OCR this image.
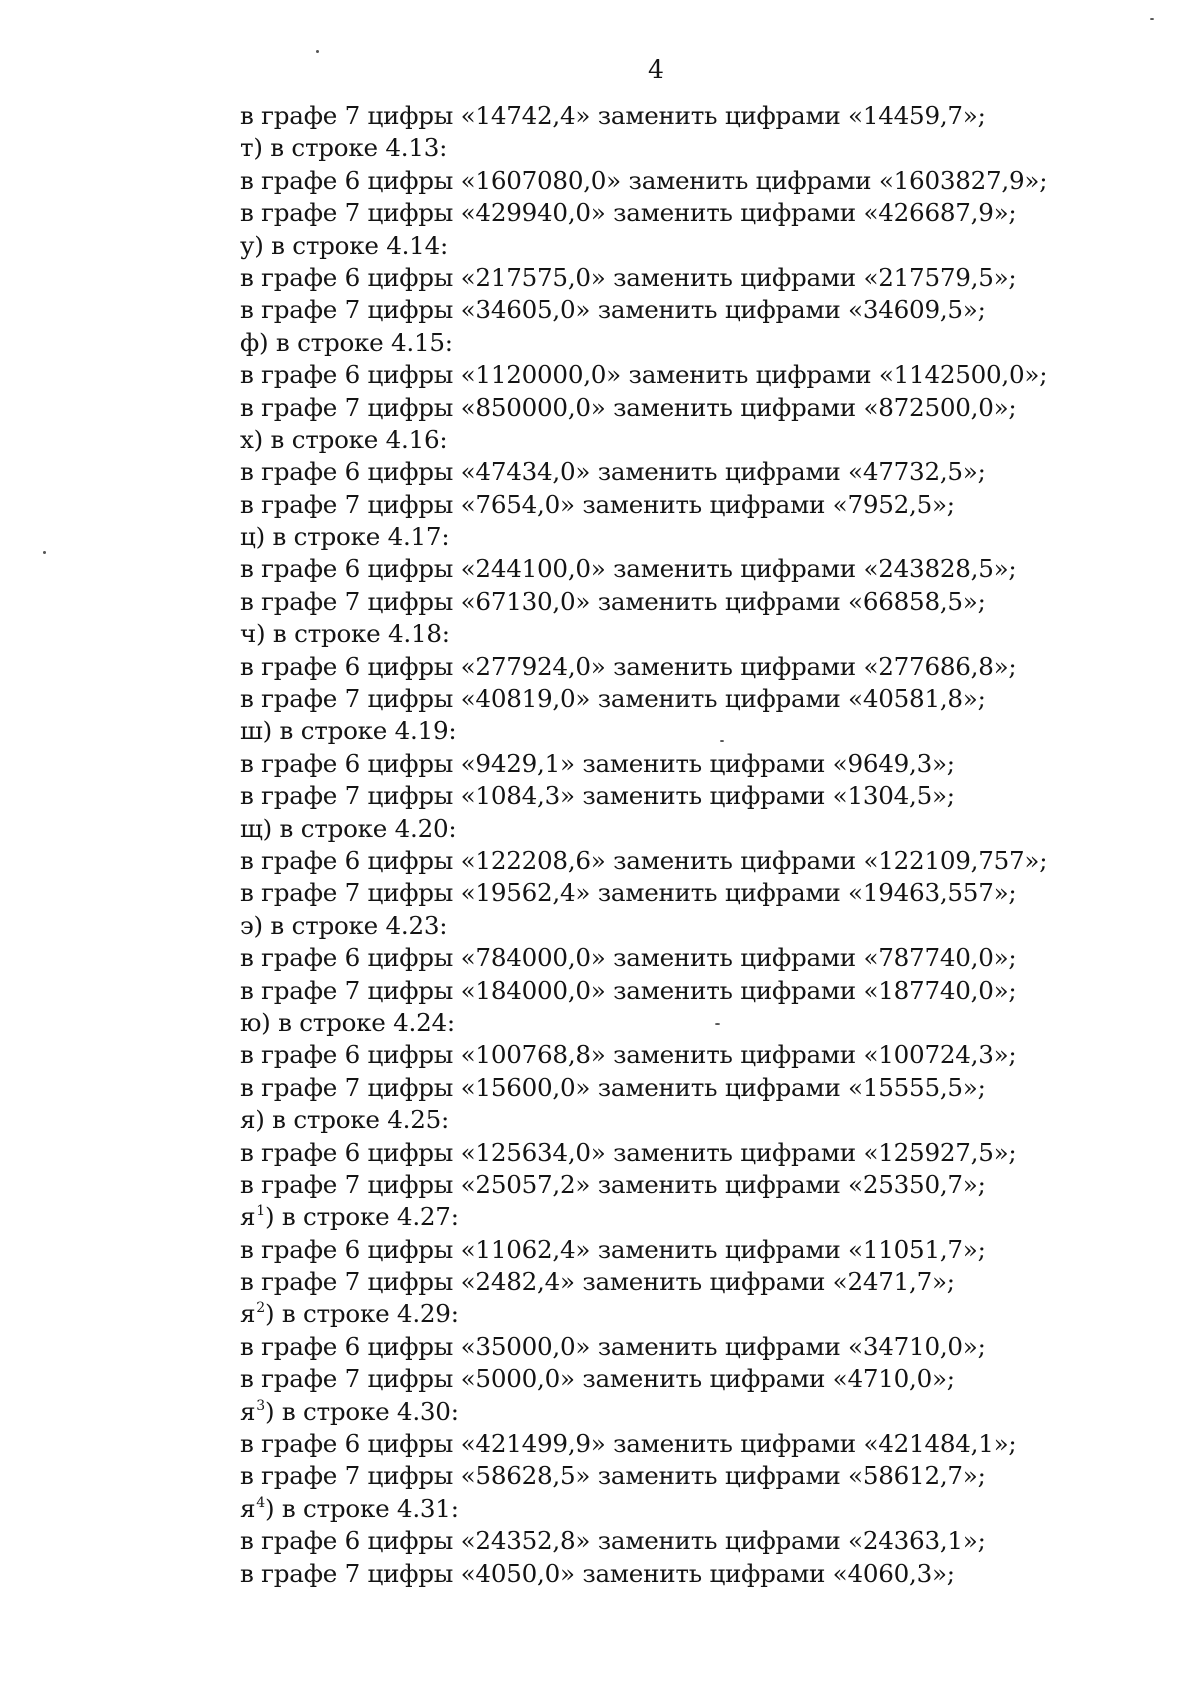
4
в графе 7 цифры «14742,4» заменить цифрами «14459,7»;
т) в строке 4.13:
в графе 6 цифры «1607080,0» заменить цифрами «1603827,9»;
в графе 7 цифры «429940,0» заменить цифрами «426687,9»;
у) в строке 4.14:
в графе 6 цифры «217575,0» заменить цифрами «217579,5»;
в графе 7 цифры «34605,0» заменить цифрами «34609,5»;
ф) в строке 4.15:
в графе 6 цифры «1120000,0» заменить цифрами «1142500,0»;
в графе 7 цифры «850000,0» заменить цифрами «872500,0»;
х) в строке 4.16:
в графе 6 цифры «47434,0» заменить цифрами «47732,5»;
в графе 7 цифры «7654,0» заменить цифрами «7952,5»;
ц) в строке 4.17:
в графе 6 цифры «244100,0» заменить цифрами «243828,5»;
в графе 7 цифры «67130,0» заменить цифрами «66858,5»;
ч) в строке 4.18:
в графе 6 цифры «277924,0» заменить цифрами «277686,8»;
в графе 7 цифры «40819,0» заменить цифрами «40581,8»;
ш) в строке 4.19:
в графе 6 цифры «9429,1» заменить цифрами «9649,3»;
в графе 7 цифры «1084,3» заменить цифрами «1304,5»;
щ) в строке 4.20:
в графе 6 цифры «122208,6» заменить цифрами «122109,757»;
в графе 7 цифры «19562,4» заменить цифрами «19463,557»;
э) в строке 4.23:
в графе 6 цифры «784000,0» заменить цифрами «787740,0»;
в графе 7 цифры «184000,0» заменить цифрами «187740,0»;
ю) в строке 4.24:
в графе 6 цифры «100768,8» заменить цифрами «100724,3»;
в графе 7 цифры «15600,0» заменить цифрами «15555,5»;
я) в строке 4.25:
в графе 6 цифры «125634,0» заменить цифрами «125927,5»;
в графе 7 цифры «25057,2» заменить цифрами «25350,7»;
$я^1$) в строке 4.27:
в графе 6 цифры «11062,4» заменить цифрами «11051,7»;
в графе 7 цифры «2482,4» заменить цифрами «2471,7»;
$я^2$) в строке 4.29:
в графе 6 цифры «35000,0» заменить цифрами «34710,0»;
в графе 7 цифры «5000,0» заменить цифрами «4710,0»;
$я^3$) в строке 4.30:
в графе 6 цифры «421499,9» заменить цифрами «421484,1»;
в графе 7 цифры «58628,5» заменить цифрами «58612,7»;
$я^4$) в строке 4.31:
в графе 6 цифры «24352,8» заменить цифрами «24363,1»;
в графе 7 цифры «4050,0» заменить цифрами «4060,3»;
